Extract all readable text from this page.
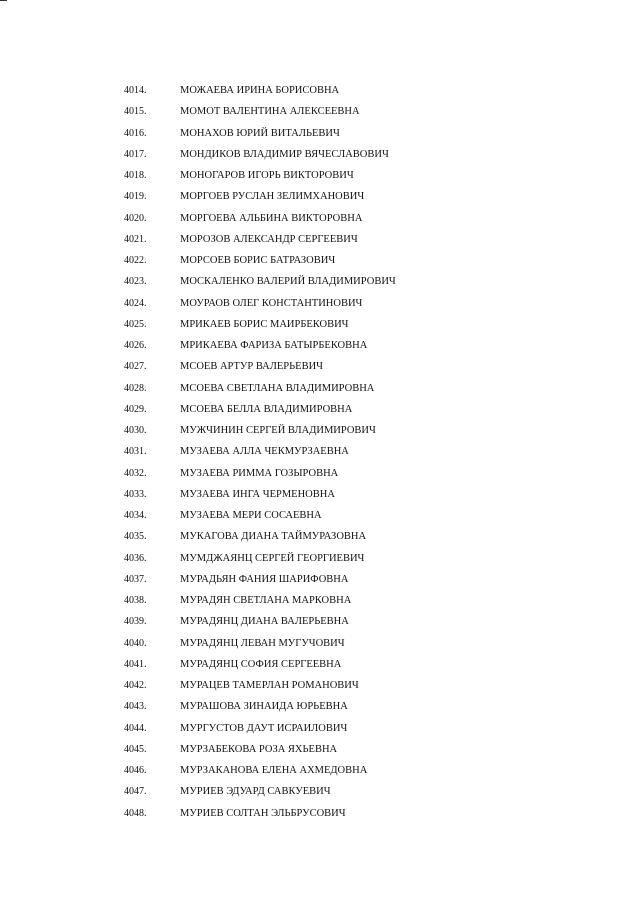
4014.	МОЖАЕВА ИРИНА БОРИСОВНА
4015.	МОМОТ ВАЛЕНТИНА АЛЕКСЕЕВНА
4016.	МОНАХОВ ЮРИЙ ВИТАЛЬЕВИЧ
4017.	МОНДИКОВ ВЛАДИМИР ВЯЧЕСЛАВОВИЧ
4018.	МОНОГАРОВ ИГОРЬ ВИКТОРОВИЧ
4019.	МОРГОЕВ РУСЛАН ЗЕЛИМХАНОВИЧ
4020.	МОРГОЕВА АЛЬБИНА ВИКТОРОВНА
4021.	МОРОЗОВ АЛЕКСАНДР СЕРГЕЕВИЧ
4022.	МОРСОЕВ БОРИС БАТРАЗОВИЧ
4023.	МОСКАЛЕНКО ВАЛЕРИЙ ВЛАДИМИРОВИЧ
4024.	МОУРАОВ ОЛЕГ КОНСТАНТИНОВИЧ
4025.	МРИКАЕВ БОРИС МАИРБЕКОВИЧ
4026.	МРИКАЕВА ФАРИЗА БАТЫРБЕКОВНА
4027.	МСОЕВ АРТУР ВАЛЕРЬЕВИЧ
4028.	МСОЕВА СВЕТЛАНА ВЛАДИМИРОВНА
4029.	МСОЕВА БЕЛЛА ВЛАДИМИРОВНА
4030.	МУЖЧИНИН СЕРГЕЙ ВЛАДИМИРОВИЧ
4031.	МУЗАЕВА АЛЛА ЧЕКМУРЗАЕВНА
4032.	МУЗАЕВА РИММА ГОЗЫРОВНА
4033.	МУЗАЕВА ИНГА ЧЕРМЕНОВНА
4034.	МУЗАЕВА МЕРИ СОСАЕВНА
4035.	МУКАГОВА ДИАНА ТАЙМУРАЗОВНА
4036.	МУМДЖАЯНЦ СЕРГЕЙ ГЕОРГИЕВИЧ
4037.	МУРАДЬЯН ФАНИЯ ШАРИФОВНА
4038.	МУРАДЯН СВЕТЛАНА МАРКОВНА
4039.	МУРАДЯНЦ ДИАНА ВАЛЕРЬЕВНА
4040.	МУРАДЯНЦ ЛЕВАН МУГУЧОВИЧ
4041.	МУРАДЯНЦ СОФИЯ СЕРГЕЕВНА
4042.	МУРАЦЕВ ТАМЕРЛАН РОМАНОВИЧ
4043.	МУРАШОВА ЗИНАИДА ЮРЬЕВНА
4044.	МУРГУСТОВ ДАУТ ИСРАИЛОВИЧ
4045.	МУРЗАБЕКОВА РОЗА ЯХЬЕВНА
4046.	МУРЗАКАНОВА ЕЛЕНА АХМЕДОВНА
4047.	МУРИЕВ ЭДУАРД САВКУЕВИЧ
4048.	МУРИЕВ СОЛТАН ЭЛЬБРУСОВИЧ
